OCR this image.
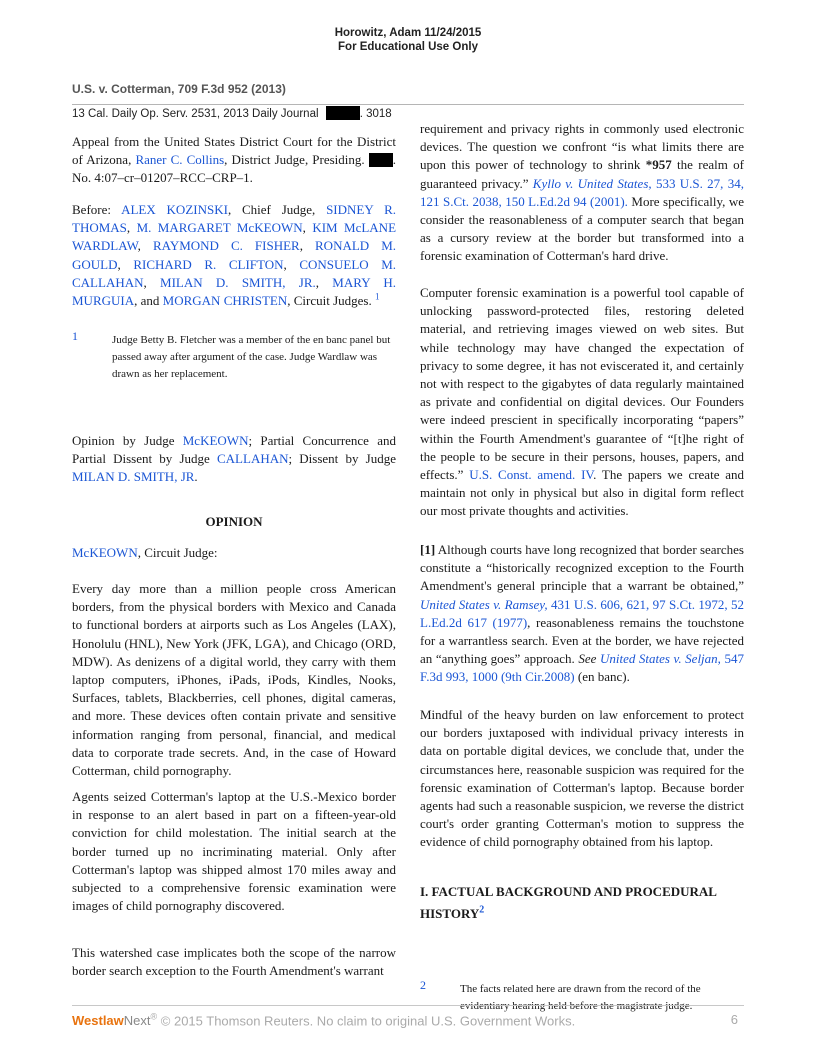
Horowitz, Adam 11/24/2015
For Educational Use Only
U.S. v. Cotterman, 709 F.3d 952 (2013)
13 Cal. Daily Op. Serv. 2531, 2013 Daily Journal	. 3018

Appeal from the United States District Court for the District of Arizona, Raner C. Collins, District Judge, Presiding. . No. 4:07–cr–01207–RCC–CRP–1.

Before: ALEX KOZINSKI, Chief Judge, SIDNEY R. THOMAS, M. MARGARET McKEOWN, KIM McLANE WARDLAW, RAYMOND C. FISHER, RONALD M. GOULD, RICHARD R. CLIFTON, CONSUELO M. CALLAHAN, MILAN D. SMITH, JR., MARY H. MURGUIA, and MORGAN CHRISTEN, Circuit Judges. $^1$

1	Judge Betty B. Fletcher was a member of the en banc panel but passed away after argument of the case. Judge Wardlaw was drawn as her replacement.

Opinion by Judge McKEOWN; Partial Concurrence and Partial Dissent by Judge CALLAHAN; Dissent by Judge MILAN D. SMITH, JR.

OPINION

McKEOWN, Circuit Judge:

Every day more than a million people cross American borders, from the physical borders with Mexico and Canada to functional borders at airports such as Los Angeles (LAX), Honolulu (HNL), New York (JFK, LGA), and Chicago (ORD, MDW). As denizens of a digital world, they carry with them laptop computers, iPhones, iPads, iPods, Kindles, Nooks, Surfaces, tablets, Blackberries, cell phones, digital cameras, and more. These devices often contain private and sensitive information ranging from personal, financial, and medical data to corporate trade secrets. And, in the case of Howard Cotterman, child pornography.

Agents seized Cotterman's laptop at the U.S.-Mexico border in response to an alert based in part on a fifteen-year-old conviction for child molestation. The initial search at the border turned up no incriminating material. Only after Cotterman's laptop was shipped almost 170 miles away and subjected to a comprehensive forensic examination were images of child pornography discovered.

This watershed case implicates both the scope of the narrow border search exception to the Fourth Amendment's warrant

requirement and privacy rights in commonly used electronic devices. The question we confront “is what limits there are upon this power of technology to shrink *957 the realm of guaranteed privacy.” Kyllo v. United States, 533 U.S. 27, 34, 121 S.Ct. 2038, 150 L.Ed.2d 94 (2001). More specifically, we consider the reasonableness of a computer search that began as a cursory review at the border but transformed into a forensic examination of Cotterman's hard drive.

Computer forensic examination is a powerful tool capable of unlocking password-protected files, restoring deleted material, and retrieving images viewed on web sites. But while technology may have changed the expectation of privacy to some degree, it has not eviscerated it, and certainly not with respect to the gigabytes of data regularly maintained as private and confidential on digital devices. Our Founders were indeed prescient in specifically incorporating “papers” within the Fourth Amendment's guarantee of “[t]he right of the people to be secure in their persons, houses, papers, and effects.” U.S. Const. amend. IV. The papers we create and maintain not only in physical but also in digital form reflect our most private thoughts and activities.

[1] Although courts have long recognized that border searches constitute a “historically recognized exception to the Fourth Amendment's general principle that a warrant be obtained,” United States v. Ramsey, 431 U.S. 606, 621, 97 S.Ct. 1972, 52 L.Ed.2d 617 (1977), reasonableness remains the touchstone for a warrantless search. Even at the border, we have rejected an “anything goes” approach. See United States v. Seljan, 547 F.3d 993, 1000 (9th Cir.2008) (en banc).

Mindful of the heavy burden on law enforcement to protect our borders juxtaposed with individual privacy interests in data on portable digital devices, we conclude that, under the circumstances here, reasonable suspicion was required for the forensic examination of Cotterman's laptop. Because border agents had such a reasonable suspicion, we reverse the district court's order granting Cotterman's motion to suppress the evidence of child pornography obtained from his laptop.

I. FACTUAL BACKGROUND AND PROCEDURAL HISTORY$^2$
2	The facts related here are drawn from the record of the evidentiary hearing held before the magistrate judge.
WestlawNext® © 2015 Thomson Reuters. No claim to original U.S. Government Works.	6
